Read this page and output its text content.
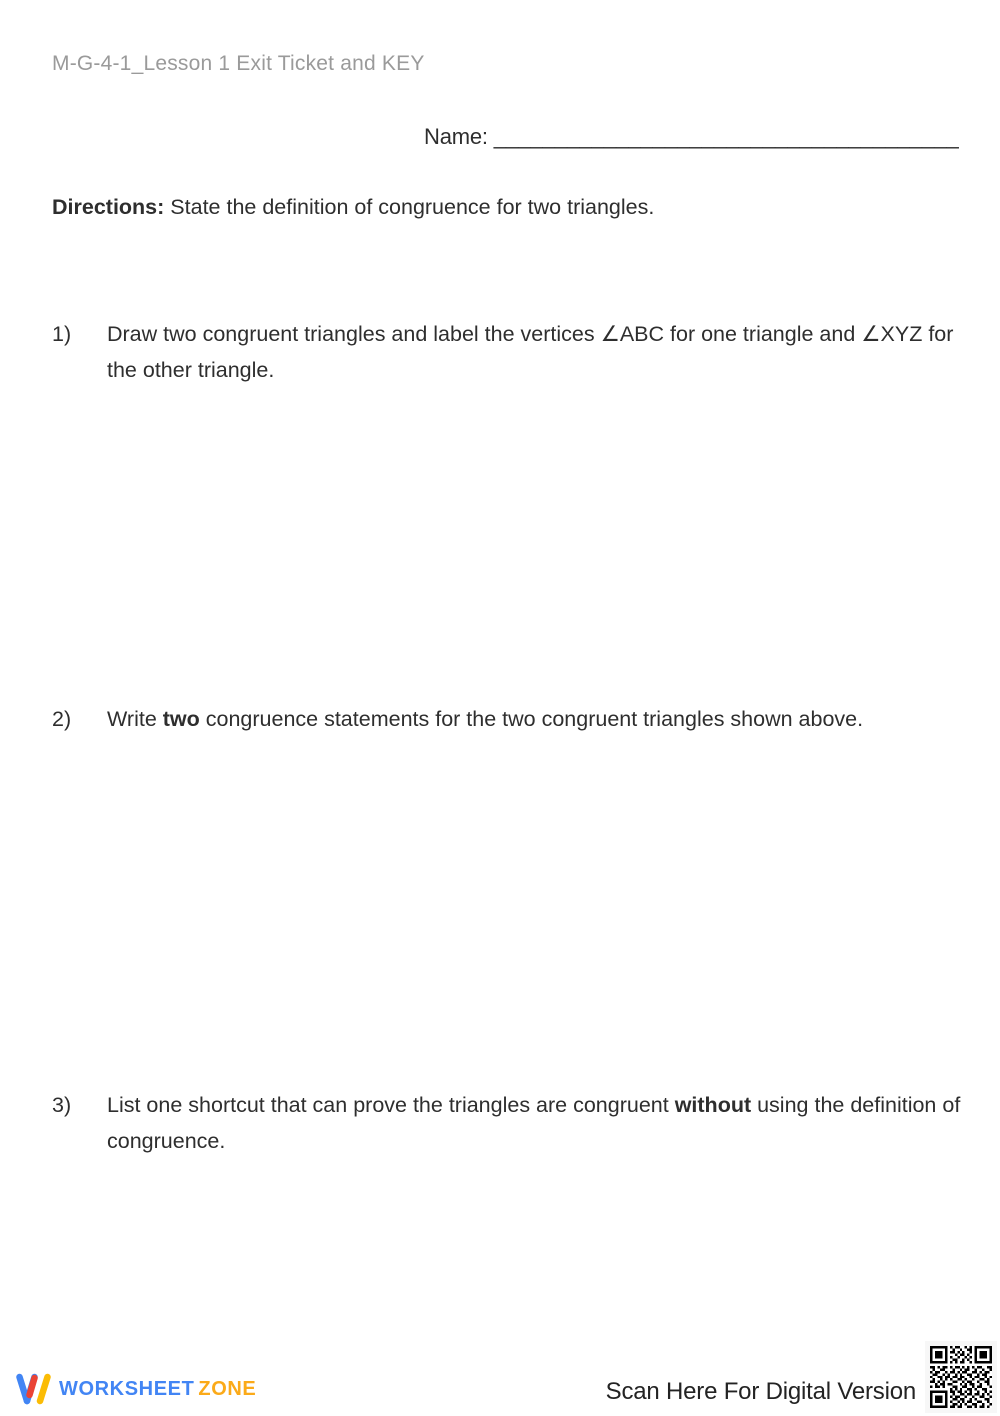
M-G-4-1_Lesson 1 Exit Ticket and KEY
Name: ______________________________________
Directions: State the definition of congruence for two triangles.
1)	Draw two congruent triangles and label the vertices ∠ABC for one triangle and ∠XYZ for the other triangle.
2)	Write two congruence statements for the two congruent triangles shown above.
3)	List one shortcut that can prove the triangles are congruent without using the definition of congruence.
WORKSHEET ZONE	Scan Here For Digital Version
